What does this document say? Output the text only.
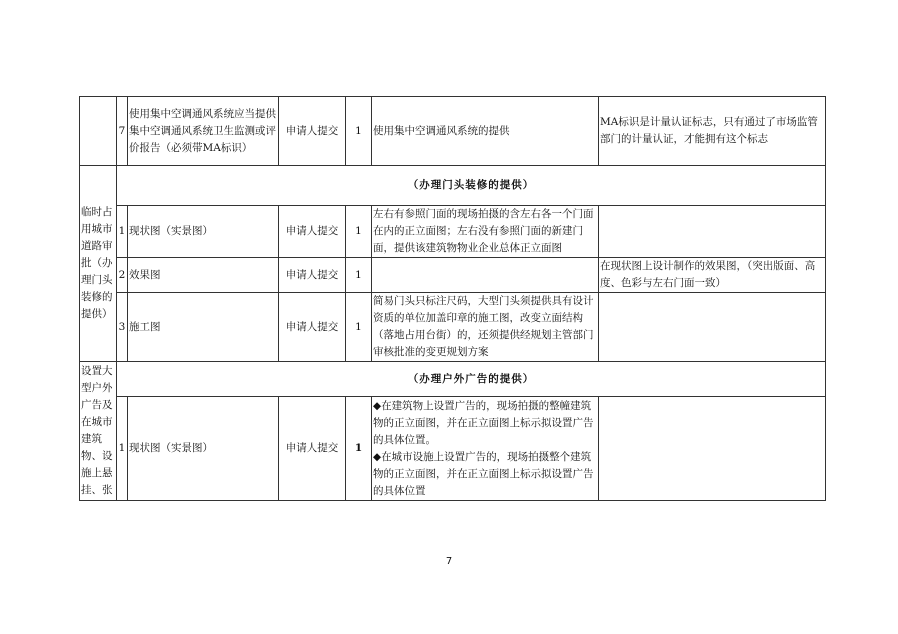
	7	使用集中空调通风系统应当提供集中空调通风系统卫生监测或评价报告（必须带MA标识）	申请人提交	1	使用集中空调通风系统的提供	MA标识是计量认证标志，只有通过了市场监管部门的计量认证，才能拥有这个标志

临时占用城市道路审批（办理门头装修的提供）	（办理门头装修的提供）					
	1	现状图（实景图）	申请人提交	1	左右有参照门面的现场拍摄的含左右各一个门面在内的正立面图；左右没有参照门面的新建门面，提供该建筑物物业企业总体正立面图	
	2	效果图	申请人提交	1		在现状图上设计制作的效果图，（突出版面、高度、色彩与左右门面一致）
	3	施工图	申请人提交	1	简易门头只标注尺码，大型门头须提供具有设计资质的单位加盖印章的施工图，改变立面结构（落地占用台街）的，还须提供经规划主管部门审核批准的变更规划方案	

设置大型户外广告及在城市建筑物、设施上悬挂、张	（办理户外广告的提供）					
	1	现状图（实景图）	申请人提交	1	◆在建筑物上设置广告的，现场拍摄的整幢建筑物的正立面图，并在正立面图上标示拟设置广告的具体位置。
◆在城市设施上设置广告的，现场拍摄整个建筑物的正立面图，并在正立面图上标示拟设置广告的具体位置	

7
